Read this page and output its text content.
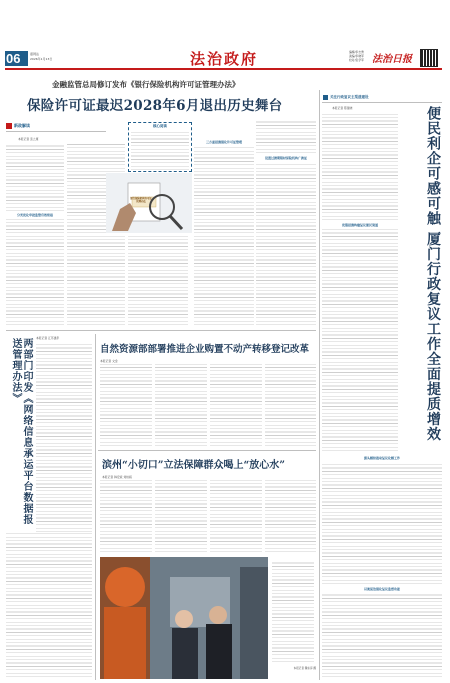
06	嘉网法
2026年1月13日	法治政府	编辑/李志勇
美编/李晓军
校对/张学军 法治日报
金融监管总局修订发布《银行保险机构许可证管理办法》
保险许可证最迟2028年6月退出历史舞台
新政解读
本报记者 张之庫
分类优化审批监管有效衔接
核心阅读
银行保险机构许可证管理办法
三方面措施强化许可证管理
设置过渡期限时保险机构广换证
关注行政复议主渠道建设
本报记者 陈蕾晓	便民利企可感可触 厦门行政复议工作全面提质增效
优服措施构建复议便民渠道
源头解纷推动复议化解工作
以案促治强化复议监督功能
本报记者 江苏建彤
两部门印发《网络信息承运平台数据报送管理办法》	自然资源部部署推进企业购置不动产转移登记改革
本报记者 文金
滨州“小切口”立法保障群众喝上“放心水”
本报记者 韩宏斌 刘柏娟
本报记者 魏东泽 摄
